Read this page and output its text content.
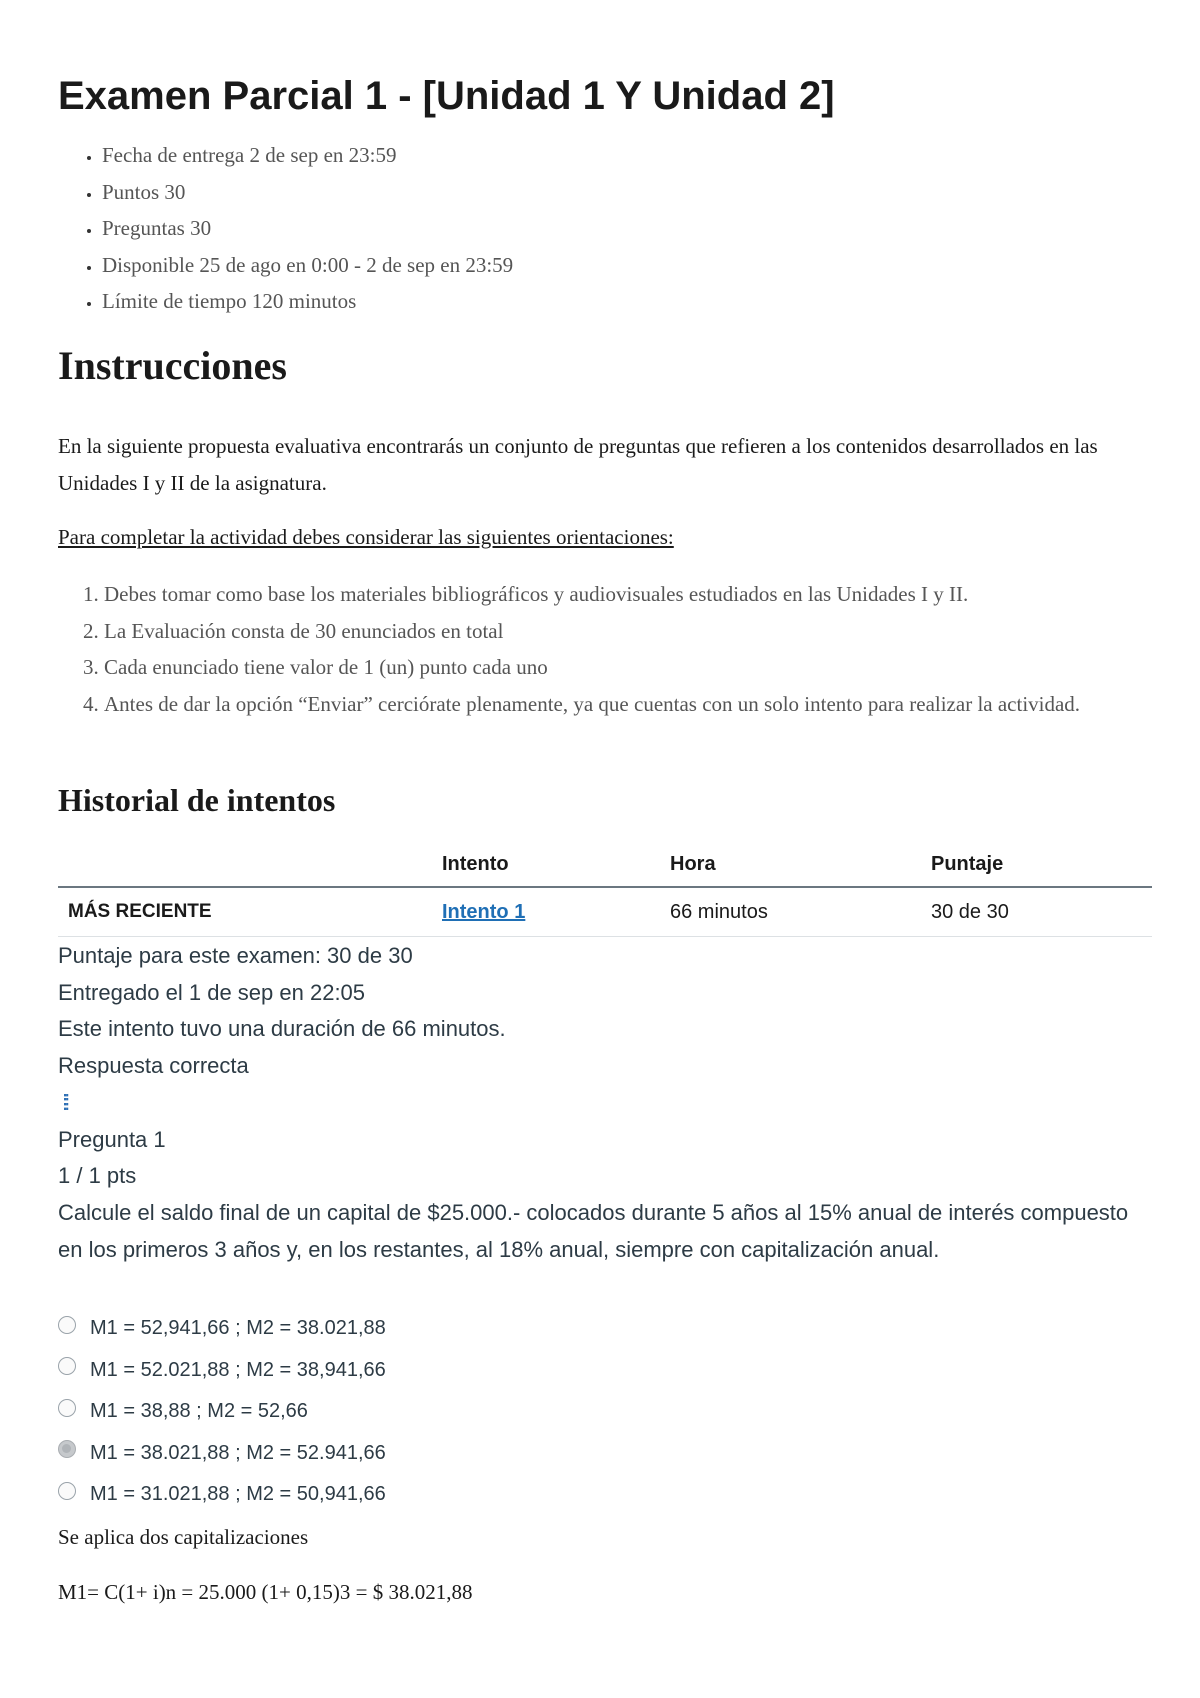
Examen Parcial 1 - [Unidad 1 Y Unidad 2]
• Fecha de entrega 2 de sep en 23:59
• Puntos 30
• Preguntas 30
• Disponible 25 de ago en 0:00 - 2 de sep en 23:59
• Límite de tiempo 120 minutos
Instrucciones

En la siguiente propuesta evaluativa encontrarás un conjunto de preguntas que refieren a los contenidos desarrollados en las Unidades I y II de la asignatura.

Para completar la actividad debes considerar las siguientes orientaciones:

1. Debes tomar como base los materiales bibliográficos y audiovisuales estudiados en las Unidades I y II.
2. La Evaluación consta de 30 enunciados en total
3. Cada enunciado tiene valor de 1 (un) punto cada uno
4. Antes de dar la opción “Enviar” cerciórate plenamente, ya que cuentas con un solo intento para realizar la actividad.
Historial de intentos
	Intento	Hora	Puntaje
MÁS RECIENTE	Intento 1	66 minutos	30 de 30
Puntaje para este examen: 30 de 30
Entregado el 1 de sep en 22:05
Este intento tuvo una duración de 66 minutos.
Respuesta correcta
⁞⁞
Pregunta 1
1 / 1 pts
Calcule el saldo final de un capital de $25.000.- colocados durante 5 años al 15% anual de interés compuesto en los primeros 3 años y, en los restantes, al 18% anual, siempre con capitalización anual.
M1 = 52,941,66 ; M2 = 38.021,88
M1 = 52.021,88 ; M2 = 38,941,66
M1 = 38,88 ; M2 = 52,66
M1 = 38.021,88 ; M2 = 52.941,66
M1 = 31.021,88 ; M2 = 50,941,66

Se aplica dos capitalizaciones

M1= C(1+ i)n = 25.000 (1+ 0,15)3 = $ 38.021,88
